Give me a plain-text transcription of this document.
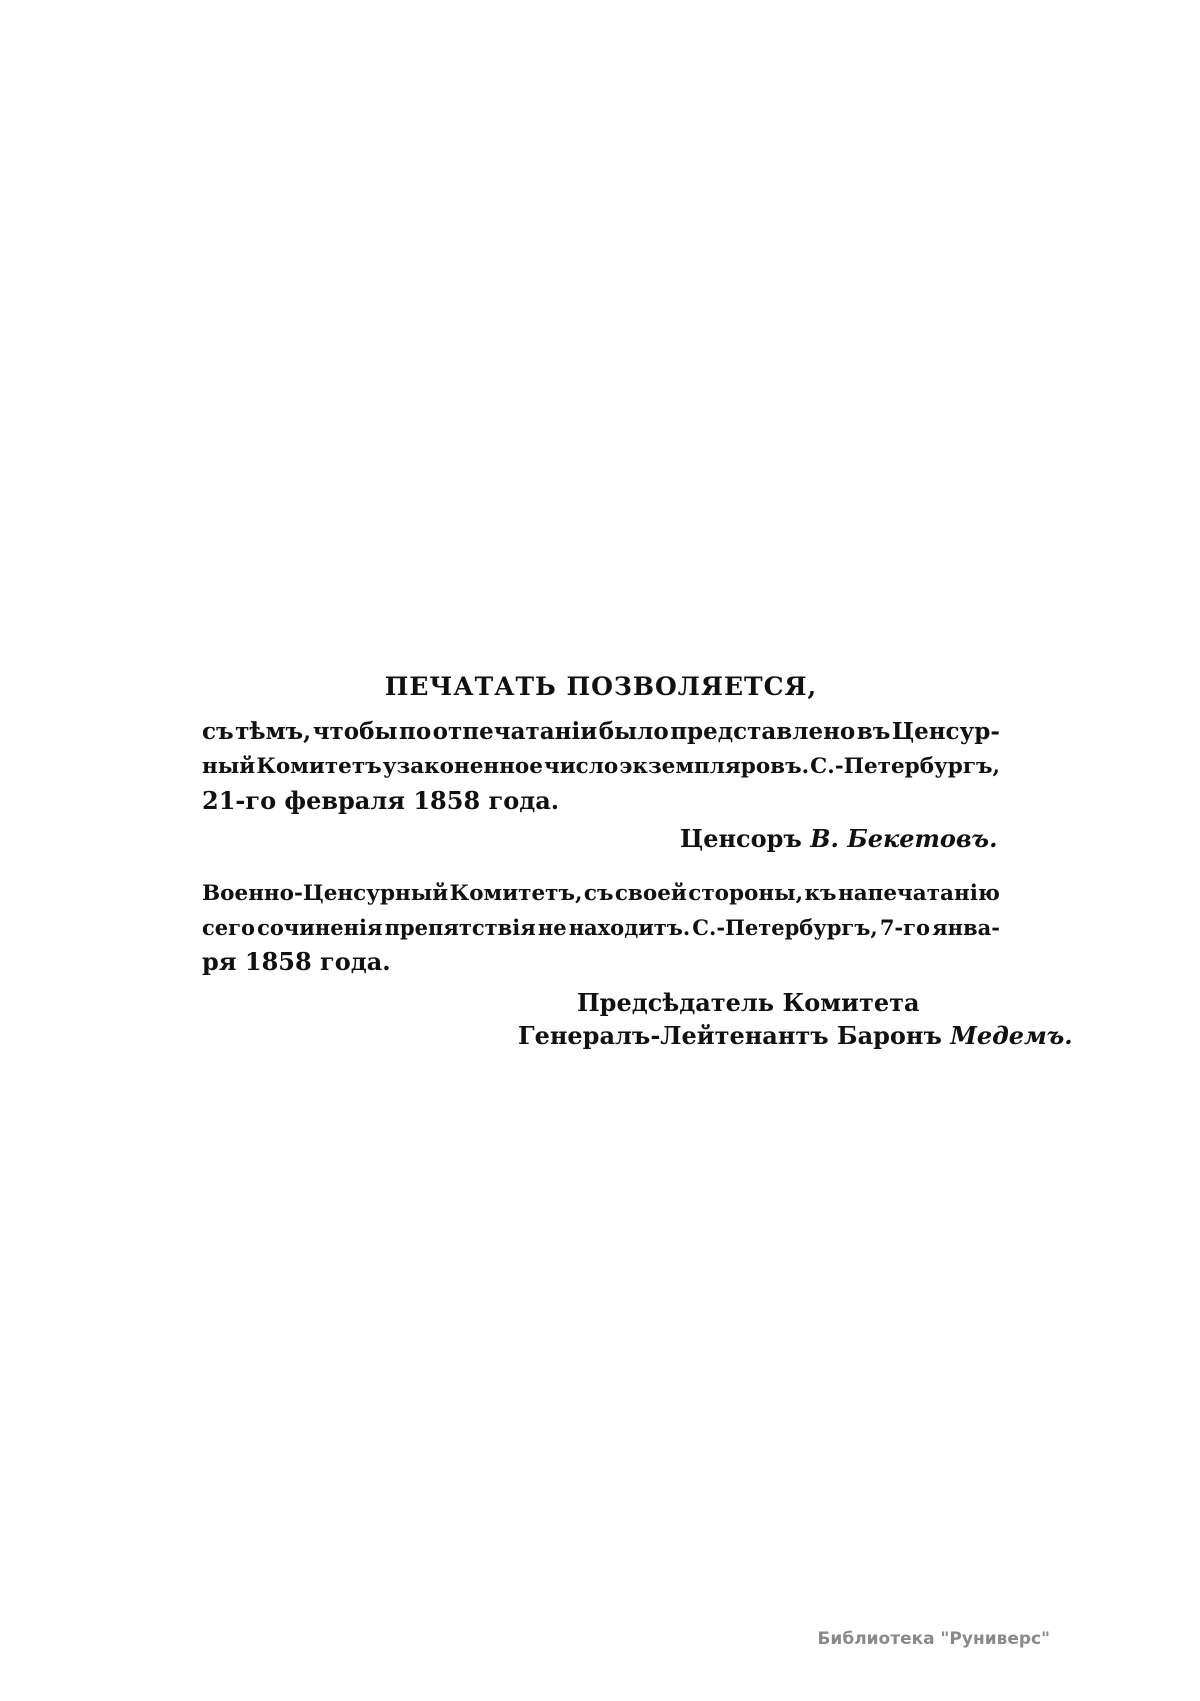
ПЕЧАТАТЬ ПОЗВОЛЯЕТСЯ,
съ тѣмъ, чтобы по отпечатаніи было представлено въ Ценсур-
ный Комитетъ узаконенное число экземпляровъ. С.-Петербургъ,
21-го февраля 1858 года.
Ценсоръ В. Бекетовъ.
Военно-Ценсурный Комитетъ, съ своей стороны, къ напечатанію
сего сочиненія препятствія не находитъ. С.-Петербургъ, 7-го янва-
ря 1858 года.
Предсѣдатель Комитета
Генералъ-Лейтенантъ Баронъ Медемъ.
Библиотека "Руниверс"
